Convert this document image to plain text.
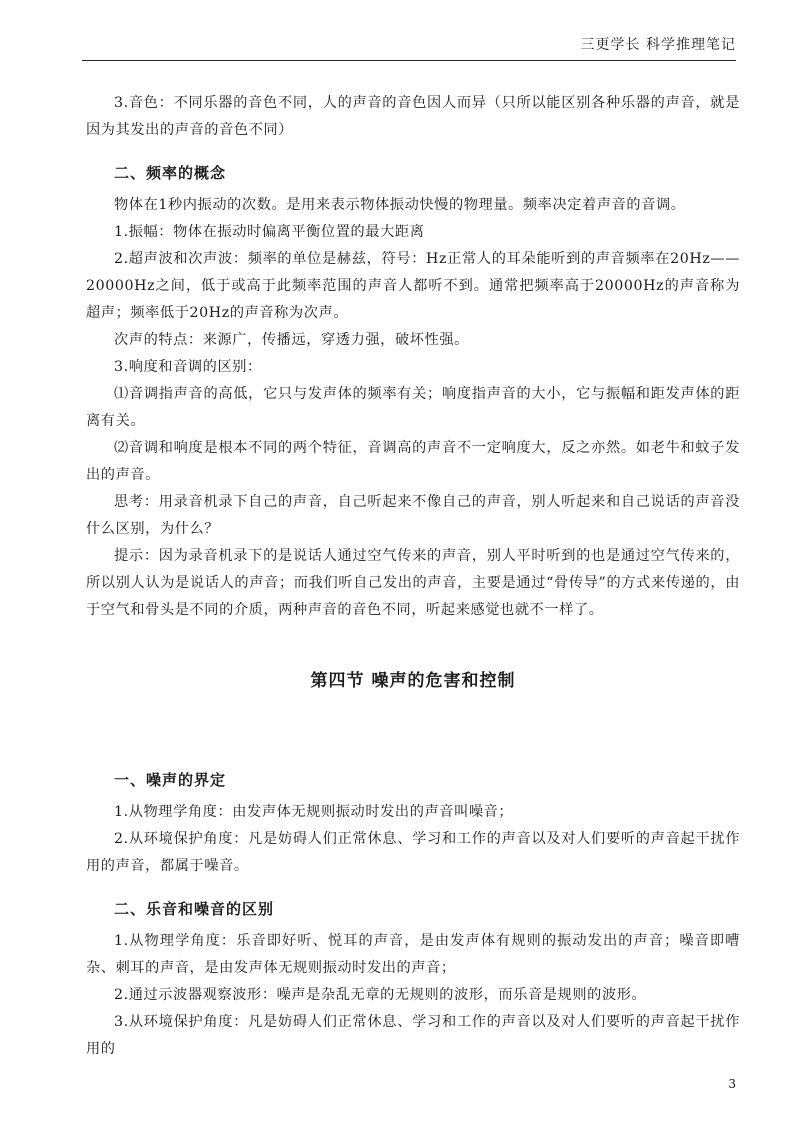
三更学长 科学推理笔记

3.音色：不同乐器的音色不同，人的声音的音色因人而异（只所以能区别各种乐器的声音，就是因为其发出的声音的音色不同）

二、频率的概念

物体在1秒内振动的次数。是用来表示物体振动快慢的物理量。频率决定着声音的音调。

1.振幅：物体在振动时偏离平衡位置的最大距离

2.超声波和次声波：频率的单位是赫兹，符号：Hz正常人的耳朵能听到的声音频率在20Hz——20000Hz之间，低于或高于此频率范围的声音人都听不到。通常把频率高于20000Hz的声音称为超声；频率低于20Hz的声音称为次声。

次声的特点：来源广，传播远，穿透力强，破坏性强。

3.响度和音调的区别：

⑴音调指声音的高低，它只与发声体的频率有关；响度指声音的大小，它与振幅和距发声体的距离有关。

⑵音调和响度是根本不同的两个特征，音调高的声音不一定响度大，反之亦然。如老牛和蚊子发出的声音。

思考：用录音机录下自己的声音，自己听起来不像自己的声音，别人听起来和自己说话的声音没什么区别，为什么？

提示：因为录音机录下的是说话人通过空气传来的声音，别人平时听到的也是通过空气传来的，所以别人认为是说话人的声音；而我们听自己发出的声音，主要是通过“骨传导”的方式来传递的，由于空气和骨头是不同的介质，两种声音的音色不同，听起来感觉也就不一样了。

第四节 噪声的危害和控制
一、噪声的界定

1.从物理学角度：由发声体无规则振动时发出的声音叫噪音；

2.从环境保护角度：凡是妨碍人们正常休息、学习和工作的声音以及对人们要听的声音起干扰作用的声音，都属于噪音。

二、乐音和噪音的区别

1.从物理学角度：乐音即好听、悦耳的声音，是由发声体有规则的振动发出的声音；噪音即嘈杂、刺耳的声音，是由发声体无规则振动时发出的声音；

2.通过示波器观察波形：噪声是杂乱无章的无规则的波形，而乐音是规则的波形。

3.从环境保护角度：凡是妨碍人们正常休息、学习和工作的声音以及对人们要听的声音起干扰作用的

3
